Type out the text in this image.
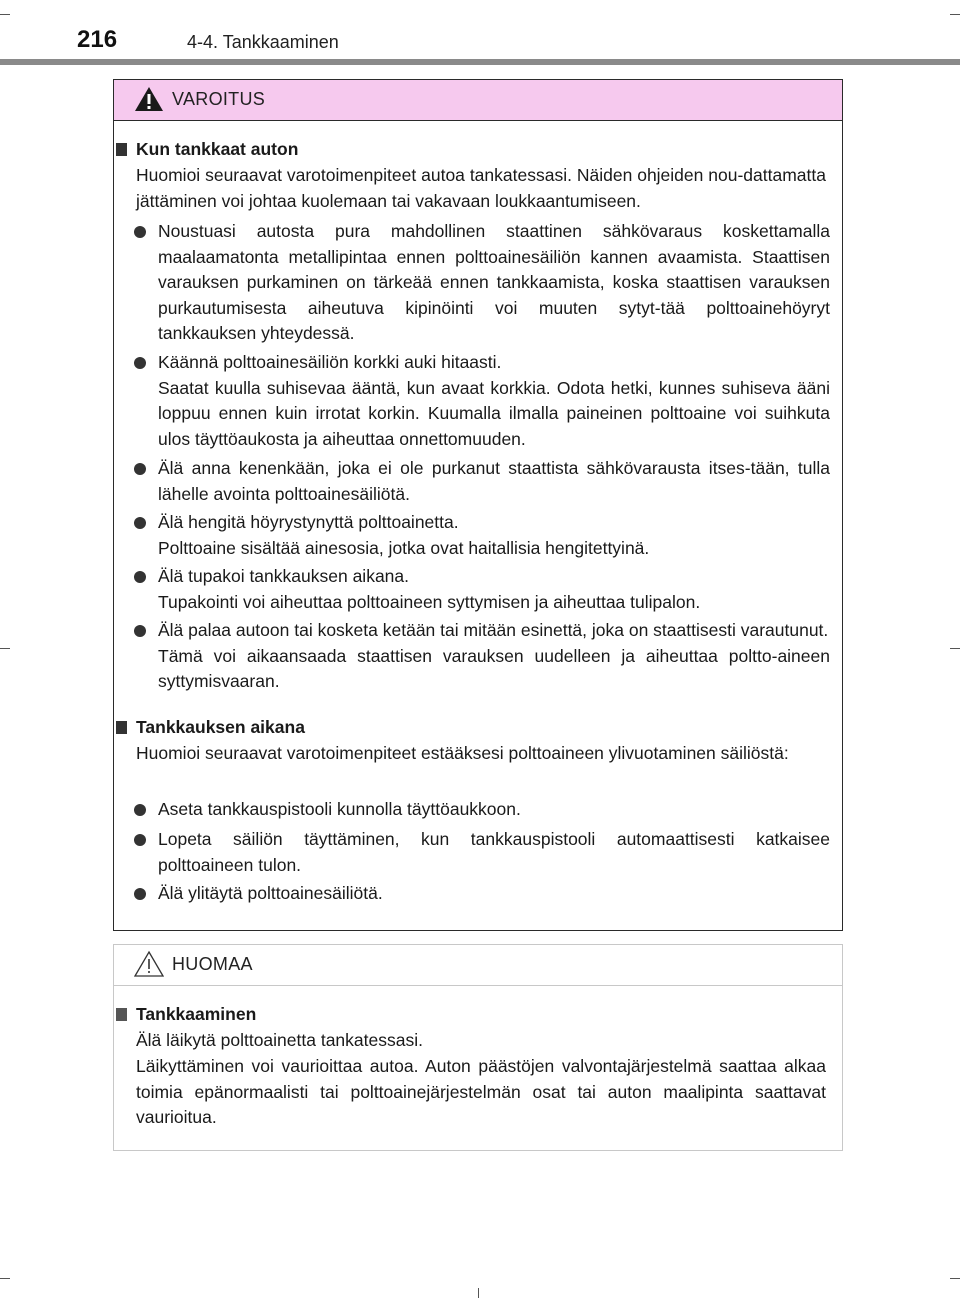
216	4-4. Tankkaaminen
VAROITUS
Kun tankkaat auton

Huomioi seuraavat varotoimenpiteet autoa tankatessasi. Näiden ohjeiden nou-dattamatta jättäminen voi johtaa kuolemaan tai vakavaan loukkaantumiseen.

Noustuasi autosta pura mahdollinen staattinen sähkövaraus koskettamalla maalaamatonta metallipintaa ennen polttoainesäiliön kannen avaamista. Staattisen varauksen purkaminen on tärkeää ennen tankkaamista, koska staattisen varauksen purkautumisesta aiheutuva kipinöinti voi muuten sytyt-tää polttoainehöyryt tankkauksen yhteydessä.

Käännä polttoainesäiliön korkki auki hitaasti.
Saatat kuulla suhisevaa ääntä, kun avaat korkkia. Odota hetki, kunnes suhiseva ääni loppuu ennen kuin irrotat korkin. Kuumalla ilmalla paineinen polttoaine voi suihkuta ulos täyttöaukosta ja aiheuttaa onnettomuuden.

Älä anna kenenkään, joka ei ole purkanut staattista sähkövarausta itses-tään, tulla lähelle avointa polttoainesäiliötä.

Älä hengitä höyrystynyttä polttoainetta.
Polttoaine sisältää ainesosia, jotka ovat haitallisia hengitettyinä.

Älä tupakoi tankkauksen aikana.
Tupakointi voi aiheuttaa polttoaineen syttymisen ja aiheuttaa tulipalon.

Älä palaa autoon tai kosketa ketään tai mitään esinettä, joka on staattisesti varautunut.
Tämä voi aikaansaada staattisen varauksen uudelleen ja aiheuttaa poltto-aineen syttymisvaaran.

Tankkauksen aikana

Huomioi seuraavat varotoimenpiteet estääksesi polttoaineen ylivuotaminen säiliöstä:

Aseta tankkauspistooli kunnolla täyttöaukkoon.

Lopeta säiliön täyttäminen, kun tankkauspistooli automaattisesti katkaisee polttoaineen tulon.

Älä ylitäytä polttoainesäiliötä.

HUOMAA
Tankkaaminen

Älä läikytä polttoainetta tankatessasi.

Läikyttäminen voi vaurioittaa autoa. Auton päästöjen valvontajärjestelmä saattaa alkaa toimia epänormaalisti tai polttoainejärjestelmän osat tai auton maalipinta saattavat vaurioitua.
